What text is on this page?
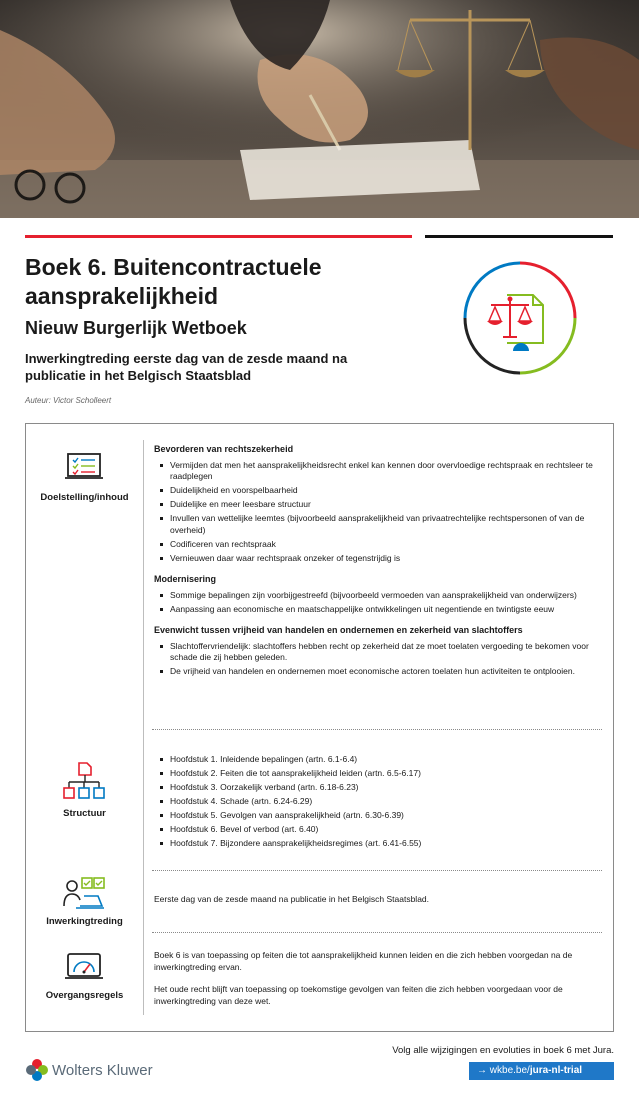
Boek 6. Buitencontractuele aansprakelijkheid
Nieuw Burgerlijk Wetboek
Inwerkingtreding eerste dag van de zesde maand na publicatie in het Belgisch Staatsblad
Auteur: Victor Scholleert
Doelstelling/inhoud
Bevorderen van rechtszekerheid
Vermijden dat men het aansprakelijkheidsrecht enkel kan kennen door overvloedige rechtspraak en rechtsleer te raadplegen
Duidelijkheid en voorspelbaarheid
Duidelijke en meer leesbare structuur
Invullen van wettelijke leemtes (bijvoorbeeld aansprakelijkheid van privaatrechtelijke rechtspersonen of van de overheid)
Codificeren van rechtspraak
Vernieuwen daar waar rechtspraak onzeker of tegenstrijdig is
Modernisering
Sommige bepalingen zijn voorbijgestreefd (bijvoorbeeld vermoeden van aansprakelijkheid van onderwijzers)
Aanpassing aan economische en maatschappelijke ontwikkelingen uit negentiende en twintigste eeuw
Evenwicht tussen vrijheid van handelen en ondernemen en zekerheid van slachtoffers
Slachtoffervriendelijk: slachtoffers hebben recht op zekerheid dat ze moet toelaten vergoeding te bekomen voor schade die zij hebben geleden.
De vrijheid van handelen en ondernemen moet economische actoren toelaten hun activiteiten te ontplooien.
Structuur
Hoofdstuk 1. Inleidende bepalingen (artn. 6.1-6.4)
Hoofdstuk 2. Feiten die tot aansprakelijkheid leiden (artn. 6.5-6.17)
Hoofdstuk 3. Oorzakelijk verband (artn. 6.18-6.23)
Hoofdstuk 4. Schade (artn. 6.24-6.29)
Hoofdstuk 5. Gevolgen van aansprakelijkheid (artn. 6.30-6.39)
Hoofdstuk 6. Bevel of verbod (art. 6.40)
Hoofdstuk 7. Bijzondere aansprakelijkheidsregimes (art. 6.41-6.55)
Inwerkingtreding
Eerste dag van de zesde maand na publicatie in het Belgisch Staatsblad.
Overgangsregels

Boek 6 is van toepassing op feiten die tot aansprakelijkheid kunnen leiden en die zich hebben voorgedan na de inwerkingtreding ervan.

Het oude recht blijft van toepassing op toekomstige gevolgen van feiten die zich hebben voorgedaan voor de inwerkingtreding van deze wet.

Volg alle wijzigingen en evoluties in boek 6 met Jura.
→ wkbe.be/jura-nl-trial
Wolters Kluwer
